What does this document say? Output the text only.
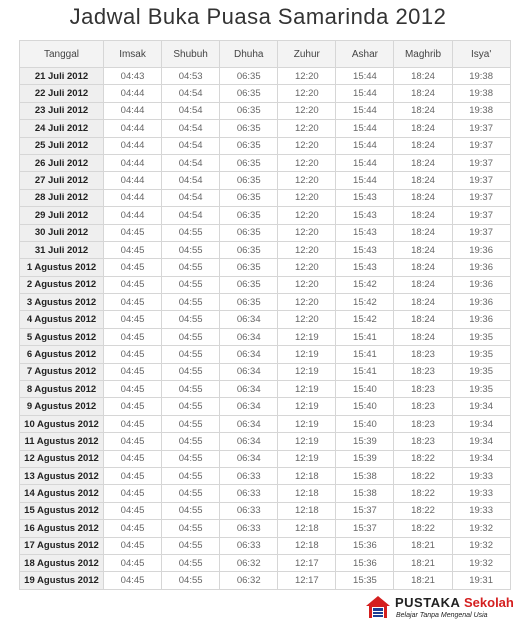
Jadwal Buka Puasa Samarinda 2012
Tanggal	Imsak	Shubuh	Dhuha	Zuhur	Ashar	Maghrib	Isya'
21 Juli 2012	04:43	04:53	06:35	12:20	15:44	18:24	19:38
22 Juli 2012	04:44	04:54	06:35	12:20	15:44	18:24	19:38
23 Juli 2012	04:44	04:54	06:35	12:20	15:44	18:24	19:38
24 Juli 2012	04:44	04:54	06:35	12:20	15:44	18:24	19:37
25 Juli 2012	04:44	04:54	06:35	12:20	15:44	18:24	19:37
26 Juli 2012	04:44	04:54	06:35	12:20	15:44	18:24	19:37
27 Juli 2012	04:44	04:54	06:35	12:20	15:44	18:24	19:37
28 Juli 2012	04:44	04:54	06:35	12:20	15:43	18:24	19:37
29 Juli 2012	04:44	04:54	06:35	12:20	15:43	18:24	19:37
30 Juli 2012	04:45	04:55	06:35	12:20	15:43	18:24	19:37
31 Juli 2012	04:45	04:55	06:35	12:20	15:43	18:24	19:36
1 Agustus 2012	04:45	04:55	06:35	12:20	15:43	18:24	19:36
2 Agustus 2012	04:45	04:55	06:35	12:20	15:42	18:24	19:36
3 Agustus 2012	04:45	04:55	06:35	12:20	15:42	18:24	19:36
4 Agustus 2012	04:45	04:55	06:34	12:20	15:42	18:24	19:36
5 Agustus 2012	04:45	04:55	06:34	12:19	15:41	18:24	19:35
6 Agustus 2012	04:45	04:55	06:34	12:19	15:41	18:23	19:35
7 Agustus 2012	04:45	04:55	06:34	12:19	15:41	18:23	19:35
8 Agustus 2012	04:45	04:55	06:34	12:19	15:40	18:23	19:35
9 Agustus 2012	04:45	04:55	06:34	12:19	15:40	18:23	19:34
10 Agustus 2012	04:45	04:55	06:34	12:19	15:40	18:23	19:34
11 Agustus 2012	04:45	04:55	06:34	12:19	15:39	18:23	19:34
12 Agustus 2012	04:45	04:55	06:34	12:19	15:39	18:22	19:34
13 Agustus 2012	04:45	04:55	06:33	12:18	15:38	18:22	19:33
14 Agustus 2012	04:45	04:55	06:33	12:18	15:38	18:22	19:33
15 Agustus 2012	04:45	04:55	06:33	12:18	15:37	18:22	19:33
16 Agustus 2012	04:45	04:55	06:33	12:18	15:37	18:22	19:32
17 Agustus 2012	04:45	04:55	06:33	12:18	15:36	18:21	19:32
18 Agustus 2012	04:45	04:55	06:32	12:17	15:36	18:21	19:32
19 Agustus 2012	04:45	04:55	06:32	12:17	15:35	18:21	19:31
PUSTAKA Sekolah
Belajar Tanpa Mengenal Usia
